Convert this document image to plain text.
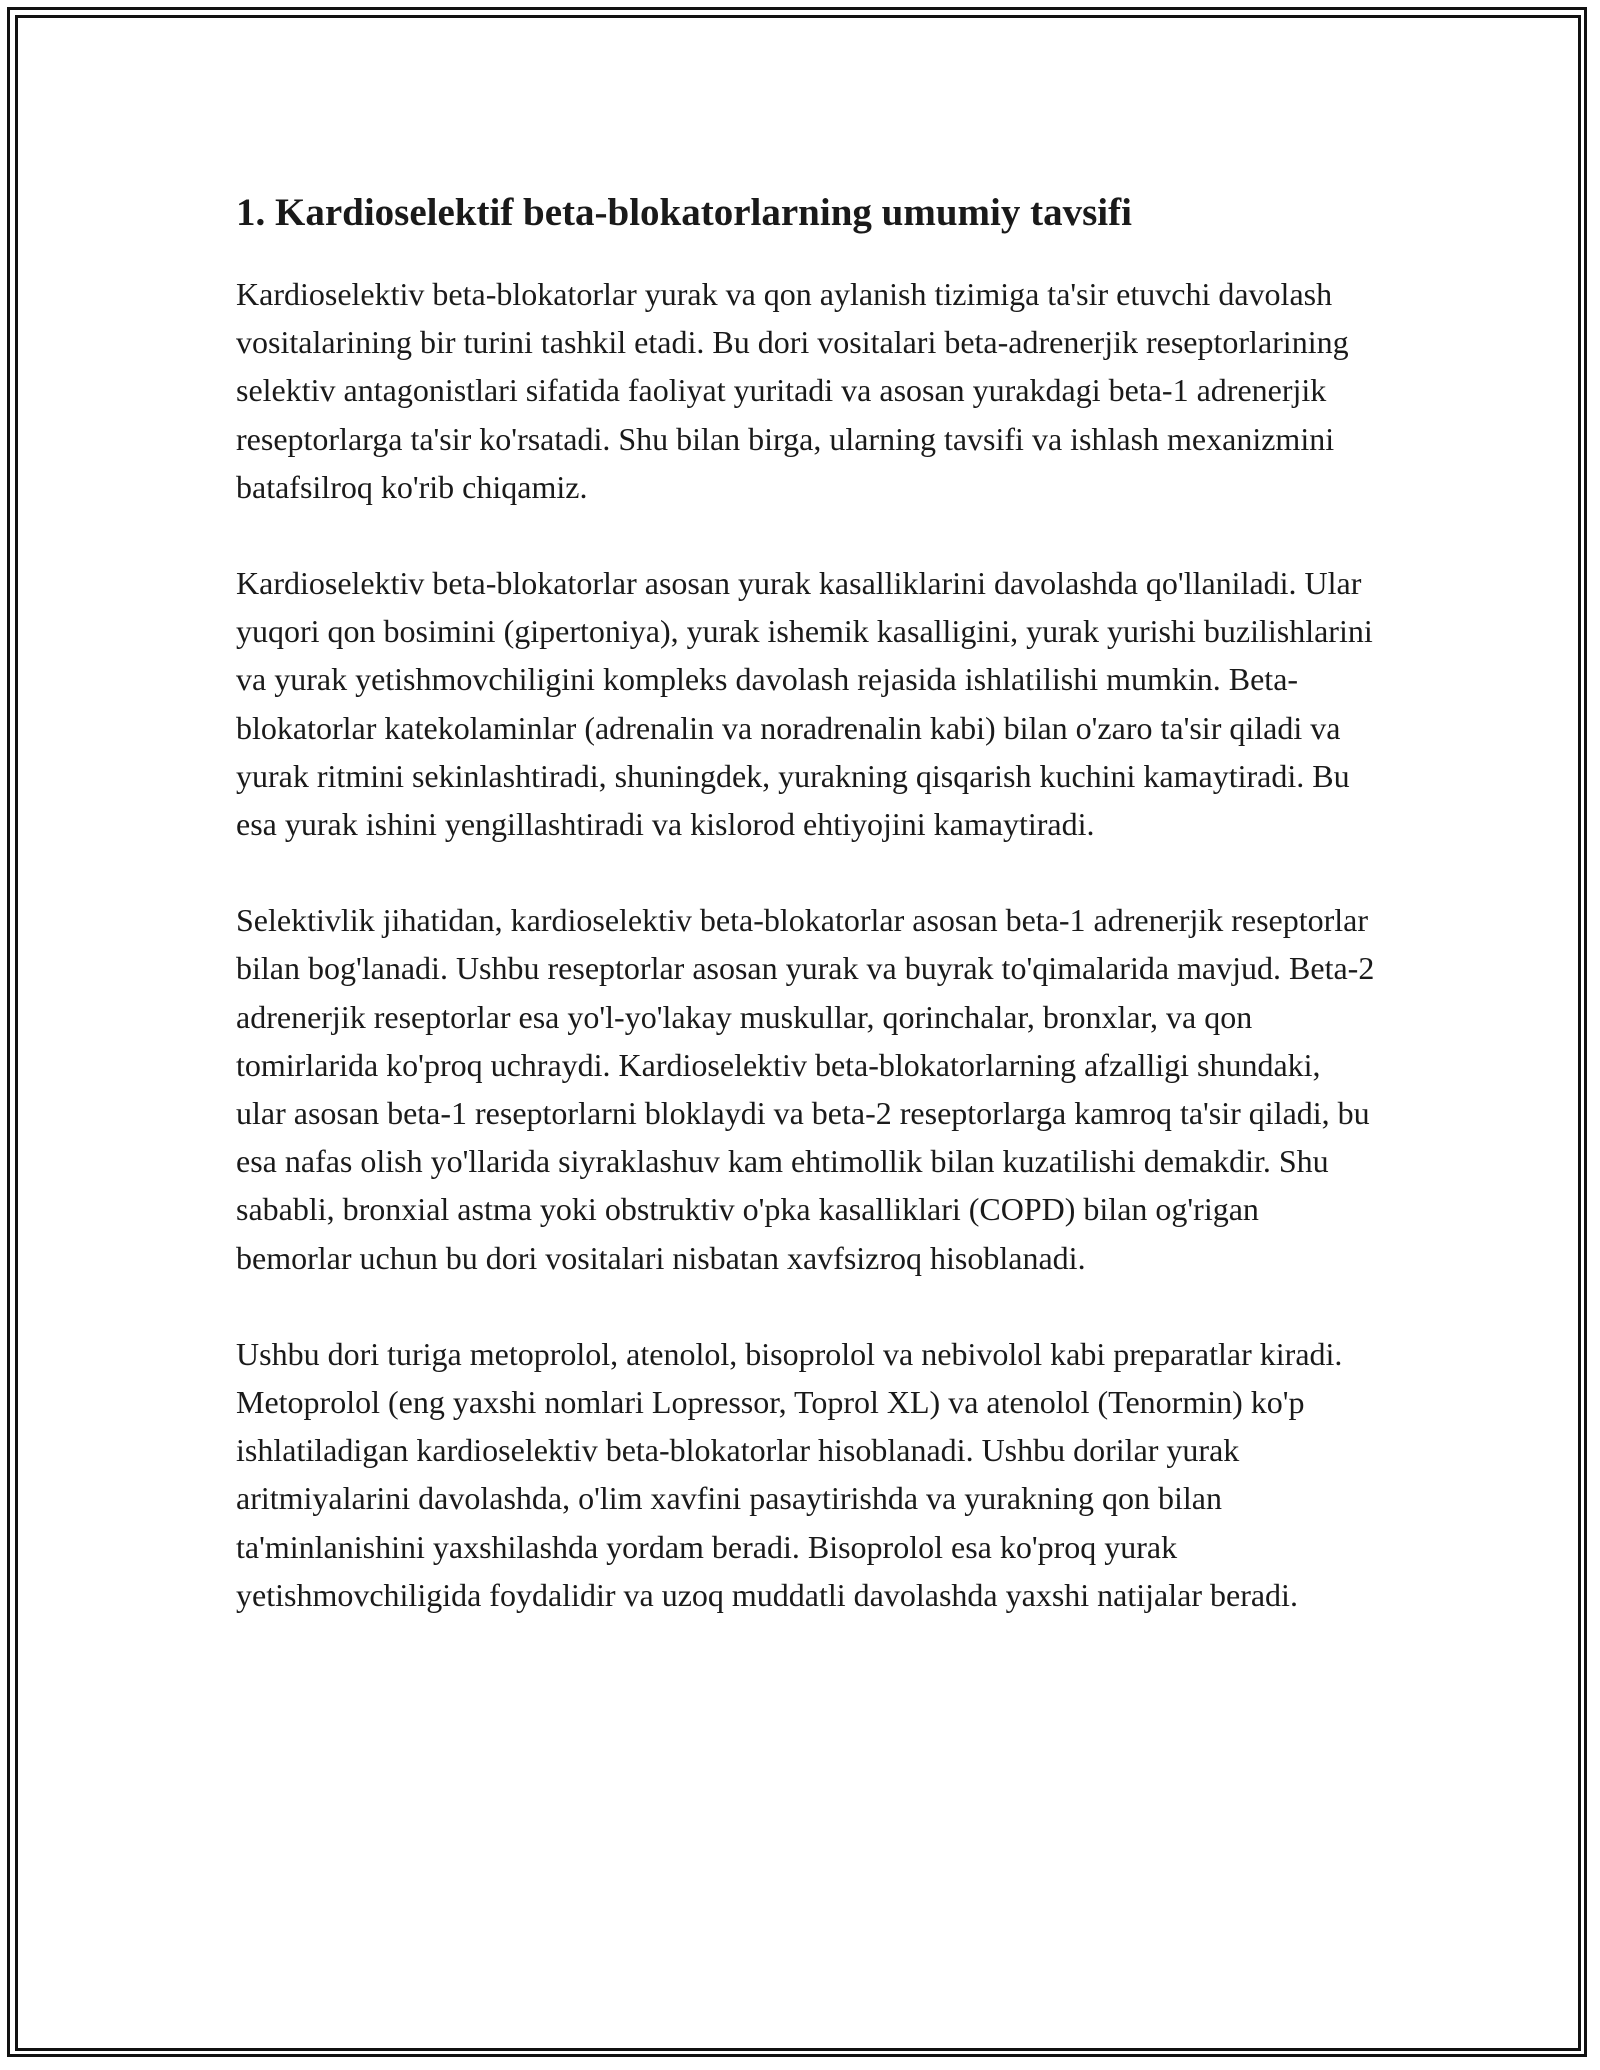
1. Kardioselektif beta-blokatorlarning umumiy tavsifi

Kardioselektiv beta-blokatorlar yurak va qon aylanish tizimiga ta'sir etuvchi davolash vositalarining bir turini tashkil etadi. Bu dori vositalari beta-adrenerjik reseptorlarining selektiv antagonistlari sifatida faoliyat yuritadi va asosan yurakdagi beta-1 adrenerjik reseptorlarga ta'sir ko'rsatadi. Shu bilan birga, ularning tavsifi va ishlash mexanizmini batafsilroq ko'rib chiqamiz.

Kardioselektiv beta-blokatorlar asosan yurak kasalliklarini davolashda qo'llaniladi. Ular yuqori qon bosimini (gipertoniya), yurak ishemik kasalligini, yurak yurishi buzilishlarini va yurak yetishmovchiligini kompleks davolash rejasida ishlatilishi mumkin. Beta-blokatorlar katekolaminlar (adrenalin va noradrenalin kabi) bilan o'zaro ta'sir qiladi va yurak ritmini sekinlashtiradi, shuningdek, yurakning qisqarish kuchini kamaytiradi. Bu esa yurak ishini yengillashtiradi va kislorod ehtiyojini kamaytiradi.

Selektivlik jihatidan, kardioselektiv beta-blokatorlar asosan beta-1 adrenerjik reseptorlar bilan bog'lanadi. Ushbu reseptorlar asosan yurak va buyrak to'qimalarida mavjud. Beta-2 adrenerjik reseptorlar esa yo'l-yo'lakay muskullar, qorinchalar, bronxlar, va qon tomirlarida ko'proq uchraydi. Kardioselektiv beta-blokatorlarning afzalligi shundaki, ular asosan beta-1 reseptorlarni bloklaydi va beta-2 reseptorlarga kamroq ta'sir qiladi, bu esa nafas olish yo'llarida siyraklashuv kam ehtimollik bilan kuzatilishi demakdir. Shu sababli, bronxial astma yoki obstruktiv o'pka kasalliklari (COPD) bilan og'rigan bemorlar uchun bu dori vositalari nisbatan xavfsizroq hisoblanadi.

Ushbu dori turiga metoprolol, atenolol, bisoprolol va nebivolol kabi preparatlar kiradi. Metoprolol (eng yaxshi nomlari Lopressor, Toprol XL) va atenolol (Tenormin) ko'p ishlatiladigan kardioselektiv beta-blokatorlar hisoblanadi. Ushbu dorilar yurak aritmiyalarini davolashda, o'lim xavfini pasaytirishda va yurakning qon bilan ta'minlanishini yaxshilashda yordam beradi. Bisoprolol esa ko'proq yurak yetishmovchiligida foydalidir va uzoq muddatli davolashda yaxshi natijalar beradi.
